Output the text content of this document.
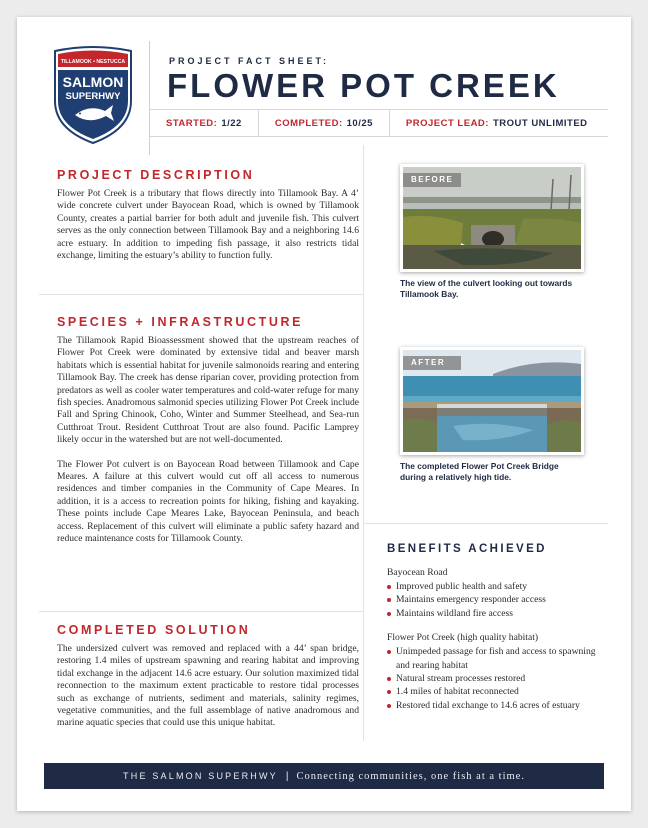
TILLAMOOK • NESTUCCA
SALMON
SUPERHWY
PROJECT FACT SHEET:
FLOWER POT CREEK
STARTED: 1/22	COMPLETED: 10/25	PROJECT LEAD: TROUT UNLIMITED
PROJECT DESCRIPTION

Flower Pot Creek is a tributary that flows directly into Tillamook Bay. A 4’ wide concrete culvert under Bayocean Road, which is owned by Tillamook County, creates a partial barrier for both adult and juvenile fish. This culvert serves as the only connection between Tillamook Bay and a neighboring 14.6 acre estuary. In addition to impeding fish passage, it also restricts tidal exchange, limiting the estuary’s ability to function fully.

SPECIES + INFRASTRUCTURE

The Tillamook Rapid Bioassessment showed that the upstream reaches of Flower Pot Creek were dominated by extensive tidal and beaver marsh habitats which is essential habitat for juvenile salmonoids rearing and entering Tillamook Bay. The creek has dense riparian cover, providing protection from predators as well as cooler water temperatures and cold-water refuge for many fish species. Anadromous salmonid species utilizing Flower Pot Creek include Fall and Spring Chinook, Coho, Winter and Summer Steelhead, and Sea-run Cutthroat Trout. Resident Cutthroat Trout are also found. Pacific Lamprey likely occur in the watershed but are not well-documented.

The Flower Pot culvert is on Bayocean Road between Tillamook and Cape Meares. A failure at this culvert would cut off all access to numerous residences and timber companies in the Community of Cape Meares. In addition, it is a access to recreation points for hiking, fishing and kayaking. These points include Cape Meares Lake, Bayocean Peninsula, and beach access. Replacement of this culvert will eliminate a public safety hazard and reduce maintenance costs for Tillamook County.

COMPLETED SOLUTION

The undersized culvert was removed and replaced with a 44’ span bridge, restoring 1.4 miles of upstream spawning and rearing habitat and improving tidal exchange in the adjacent 14.6 acre estuary. Our solution maximized tidal reconnection to the maximum extent practicable to restore tidal processes such as exchange of nutrients, sediment and materials, salinity regimes, vegetative communities, and the full assemblage of native anadromous and marine aquatic species that could use this unique habitat.

BEFORE
The view of the culvert looking out towards Tillamook Bay.
AFTER
The completed Flower Pot Creek Bridge during a relatively high tide.
BENEFITS ACHIEVED
Bayocean Road
Improved public health and safety
Maintains emergency responder access
Maintains wildland fire access
Flower Pot Creek (high quality habitat)
Unimpeded passage for fish and access to spawning and rearing habitat
Natural stream processes restored
1.4 miles of habitat reconnected
Restored tidal exchange to 14.6 acres of estuary
THE SALMON SUPERHWY | Connecting communities, one fish at a time.
